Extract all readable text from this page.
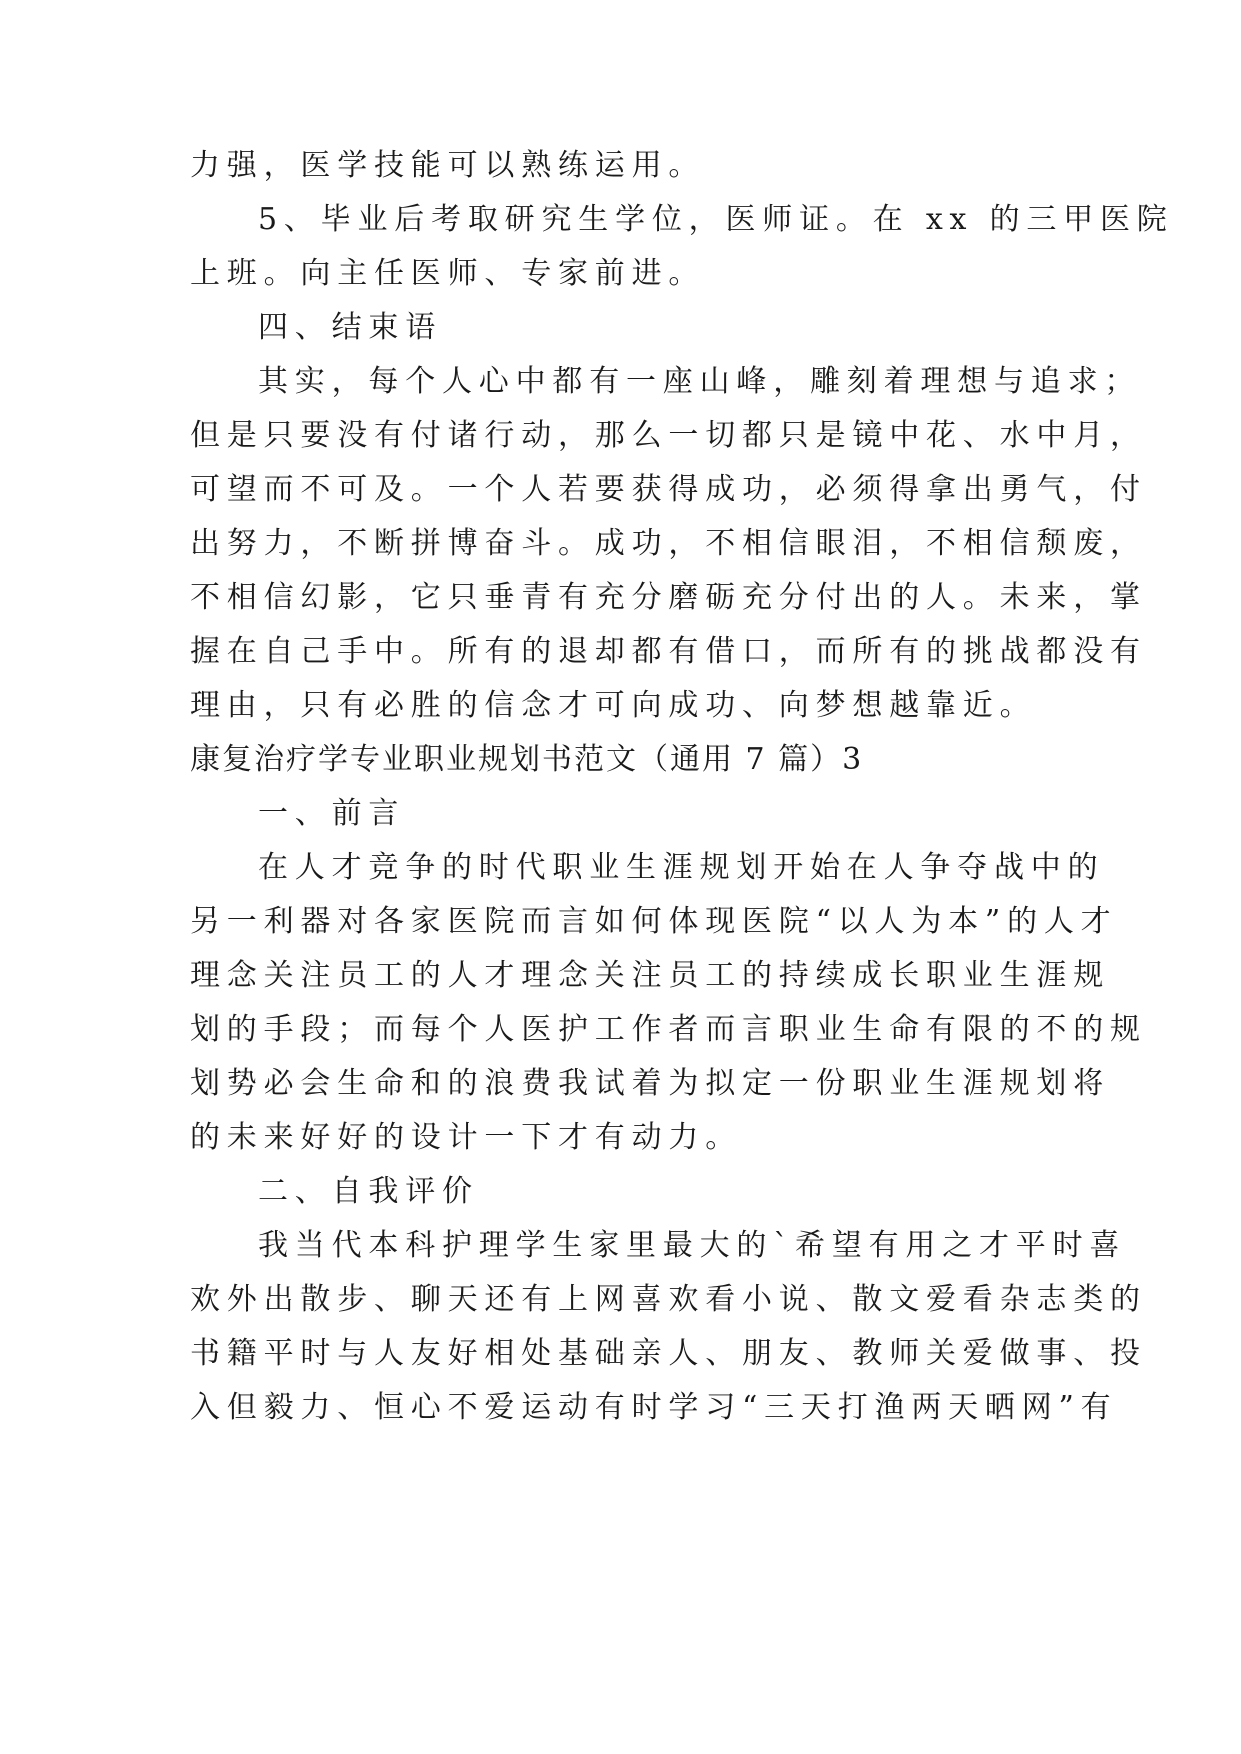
力强，医学技能可以熟练运用。
5、毕业后考取研究生学位，医师证。在 xx 的三甲医院
上班。向主任医师、专家前进。
四、结束语
其实，每个人心中都有一座山峰，雕刻着理想与追求；
但是只要没有付诸行动，那么一切都只是镜中花、水中月，
可望而不可及。一个人若要获得成功，必须得拿出勇气，付
出努力，不断拼博奋斗。成功，不相信眼泪，不相信颓废，
不相信幻影，它只垂青有充分磨砺充分付出的人。未来，掌
握在自己手中。所有的退却都有借口，而所有的挑战都没有
理由，只有必胜的信念才可向成功、向梦想越靠近。
康复治疗学专业职业规划书范文（通用 7 篇）3
一、前言
在人才竞争的时代职业生涯规划开始在人争夺战中的
另一利器对各家医院而言如何体现医院“以人为本”的人才
理念关注员工的人才理念关注员工的持续成长职业生涯规
划的手段；而每个人医护工作者而言职业生命有限的不的规
划势必会生命和的浪费我试着为拟定一份职业生涯规划将
的未来好好的设计一下才有动力。
二、自我评价
我当代本科护理学生家里最大的`希望有用之才平时喜
欢外出散步、聊天还有上网喜欢看小说、散文爱看杂志类的
书籍平时与人友好相处基础亲人、朋友、教师关爱做事、投
入但毅力、恒心不爱运动有时学习“三天打渔两天晒网”有
